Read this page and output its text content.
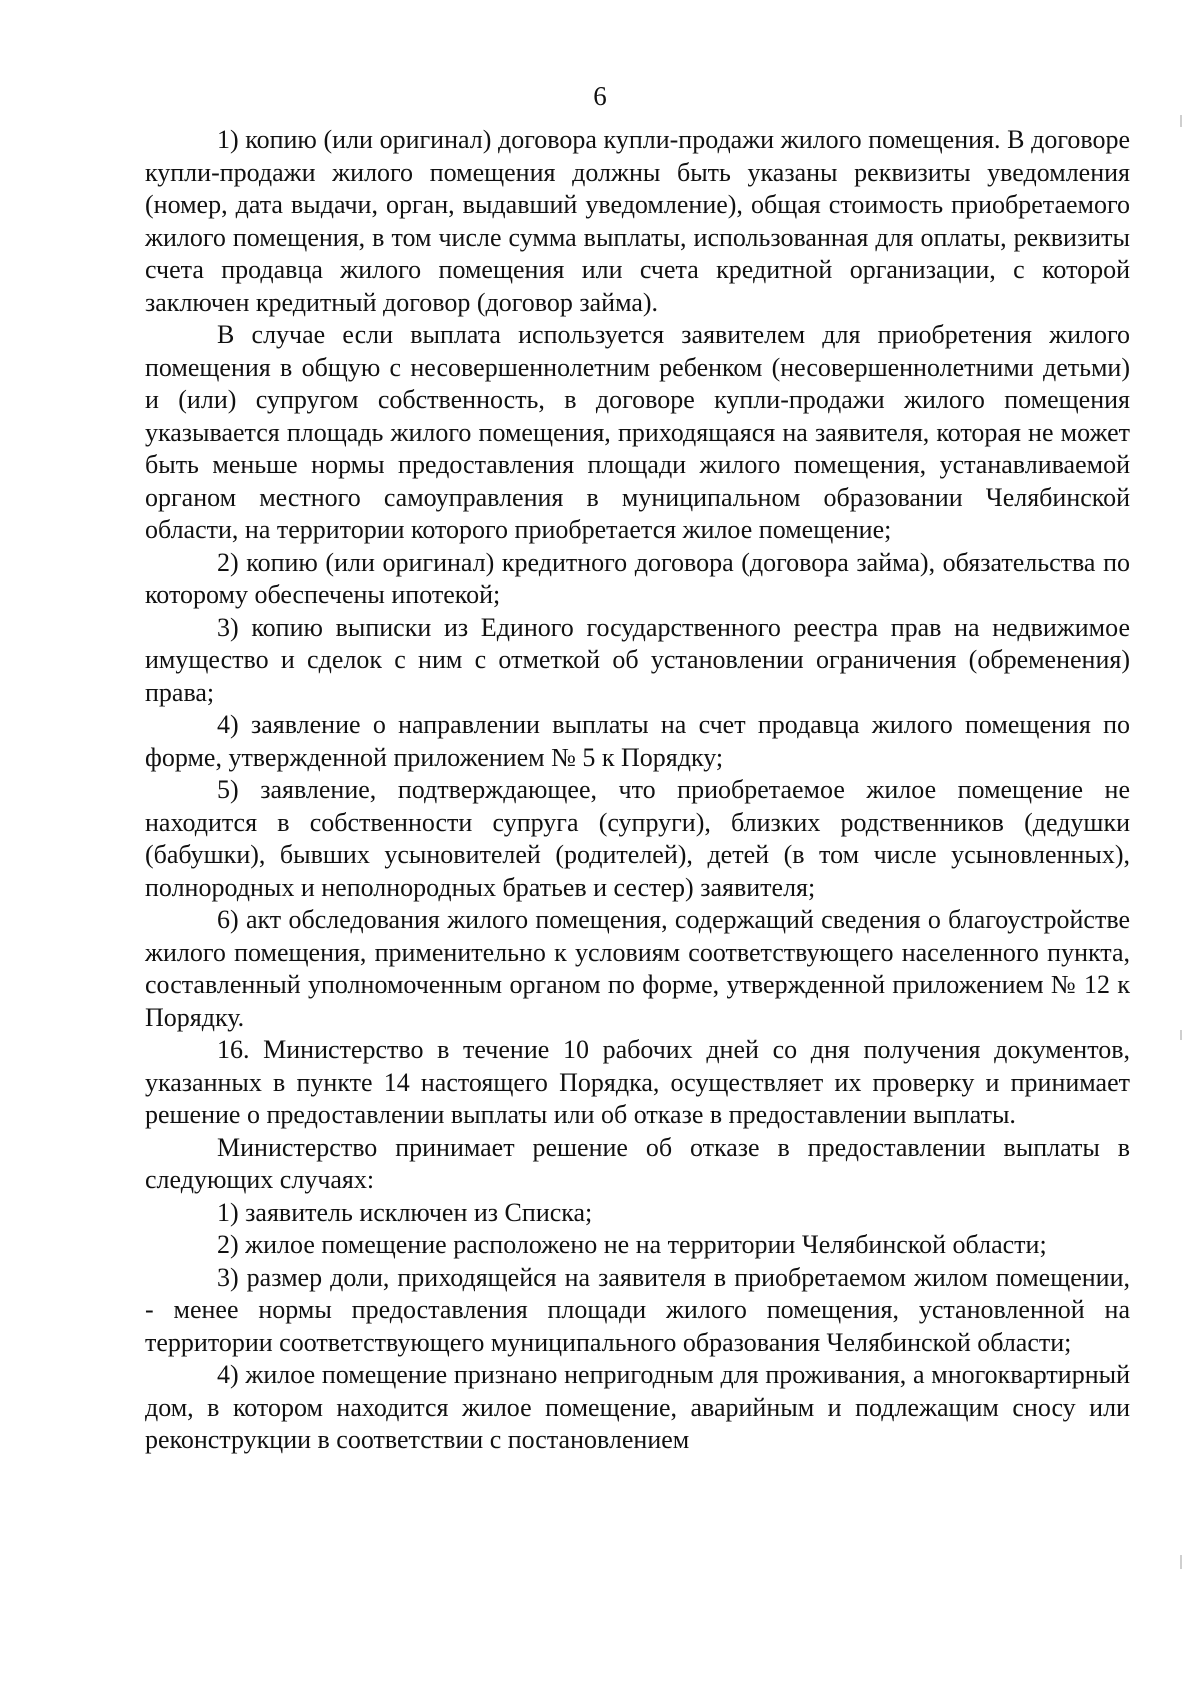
6

1) копию (или оригинал) договора купли-продажи жилого помещения. В договоре купли-продажи жилого помещения должны быть указаны реквизиты уведомления (номер, дата выдачи, орган, выдавший уведомление), общая стоимость приобретаемого жилого помещения, в том числе сумма выплаты, использованная для оплаты, реквизиты счета продавца жилого помещения или счета кредитной организации, с которой заключен кредитный договор (договор займа).

В случае если выплата используется заявителем для приобретения жилого помещения в общую с несовершеннолетним ребенком (несовершеннолетними детьми) и (или) супругом собственность, в договоре купли-продажи жилого помещения указывается площадь жилого помещения, приходящаяся на заявителя, которая не может быть меньше нормы предоставления площади жилого помещения, устанавливаемой органом местного самоуправления в муниципальном образовании Челябинской области, на территории которого приобретается жилое помещение;

2) копию (или оригинал) кредитного договора (договора займа), обязательства по которому обеспечены ипотекой;

3) копию выписки из Единого государственного реестра прав на недвижимое имущество и сделок с ним с отметкой об установлении ограничения (обременения) права;

4) заявление о направлении выплаты на счет продавца жилого помещения по форме, утвержденной приложением № 5 к Порядку;

5) заявление, подтверждающее, что приобретаемое жилое помещение не находится в собственности супруга (супруги), близких родственников (дедушки (бабушки), бывших усыновителей (родителей), детей (в том числе усыновленных), полнородных и неполнородных братьев и сестер) заявителя;

6) акт обследования жилого помещения, содержащий сведения о благоустройстве жилого помещения, применительно к условиям соответствующего населенного пункта, составленный уполномоченным органом по форме, утвержденной приложением № 12 к Порядку.

16. Министерство в течение 10 рабочих дней со дня получения документов, указанных в пункте 14 настоящего Порядка, осуществляет их проверку и принимает решение о предоставлении выплаты или об отказе в предоставлении выплаты.

Министерство принимает решение об отказе в предоставлении выплаты в следующих случаях:

1) заявитель исключен из Списка;

2) жилое помещение расположено не на территории Челябинской области;

3) размер доли, приходящейся на заявителя в приобретаемом жилом помещении, - менее нормы предоставления площади жилого помещения, установленной на территории соответствующего муниципального образования Челябинской области;

4) жилое помещение признано непригодным для проживания, а многоквартирный дом, в котором находится жилое помещение, аварийным и подлежащим сносу или реконструкции в соответствии с постановлением
